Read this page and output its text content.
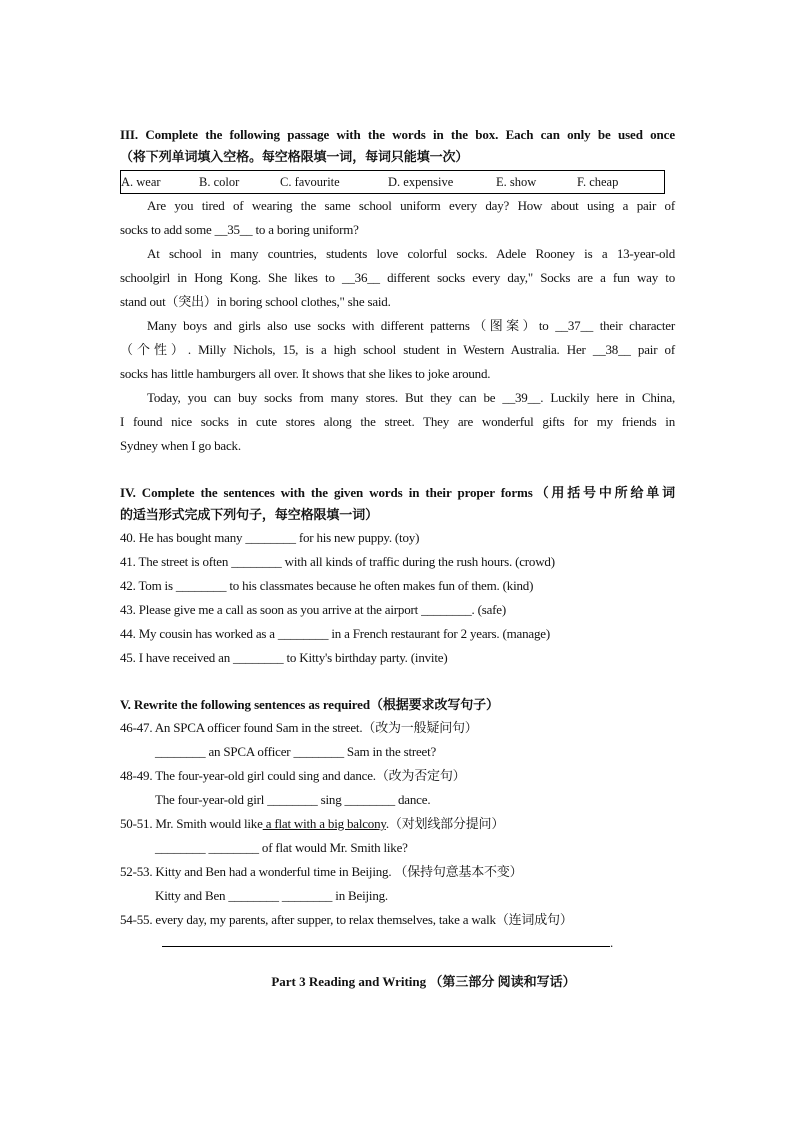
III. Complete the following passage with the words in the box. Each can only be used once

（将下列单词填入空格。每空格限填一词，每词只能填一次）

A. wear	B. color	C. favourite	D. expensive	E. show	F. cheap
Are you tired of wearing the same school uniform every day? How about using a pair of
socks to add some __35__ to a boring uniform?
At school in many countries, students love colorful socks. Adele Rooney is a 13-year-old
schoolgirl in Hong Kong. She likes to __36__ different socks every day," Socks are a fun way to
stand out（突出）in boring school clothes," she said.
Many boys and girls also use socks with different patterns（图案）to __37__ their character
（个性）. Milly Nichols, 15, is a high school student in Western Australia. Her __38__ pair of
socks has little hamburgers all over. It shows that she likes to joke around.
Today, you can buy socks from many stores. But they can be __39__. Luckily here in China,
I found nice socks in cute stores along the street. They are wonderful gifts for my friends in
Sydney when I go back.

IV. Complete the sentences with the given words in their proper forms（用括号中所给单词

的适当形式完成下列句子，每空格限填一词）

40. He has bought many ________ for his new puppy. (toy)

41. The street is often ________ with all kinds of traffic during the rush hours. (crowd)

42. Tom is ________ to his classmates because he often makes fun of them. (kind)

43. Please give me a call as soon as you arrive at the airport ________. (safe)

44. My cousin has worked as a ________ in a French restaurant for 2 years. (manage)

45. I have received an ________ to Kitty's birthday party. (invite)

V. Rewrite the following sentences as required（根据要求改写句子）

46-47. An SPCA officer found Sam in the street.（改为一般疑问句）

________ an SPCA officer ________ Sam in the street?

48-49. The four-year-old girl could sing and dance.（改为否定句）

The four-year-old girl ________ sing ________ dance.

50-51. Mr. Smith would like a flat with a big balcony.（对划线部分提问）

________ ________ of flat would Mr. Smith like?

52-53. Kitty and Ben had a wonderful time in Beijing. （保持句意基本不变）

Kitty and Ben ________ ________ in Beijing.

54-55. every day, my parents, after supper, to relax themselves, take a walk（连词成句）

.

Part 3 Reading and Writing （第三部分 阅读和写话）
